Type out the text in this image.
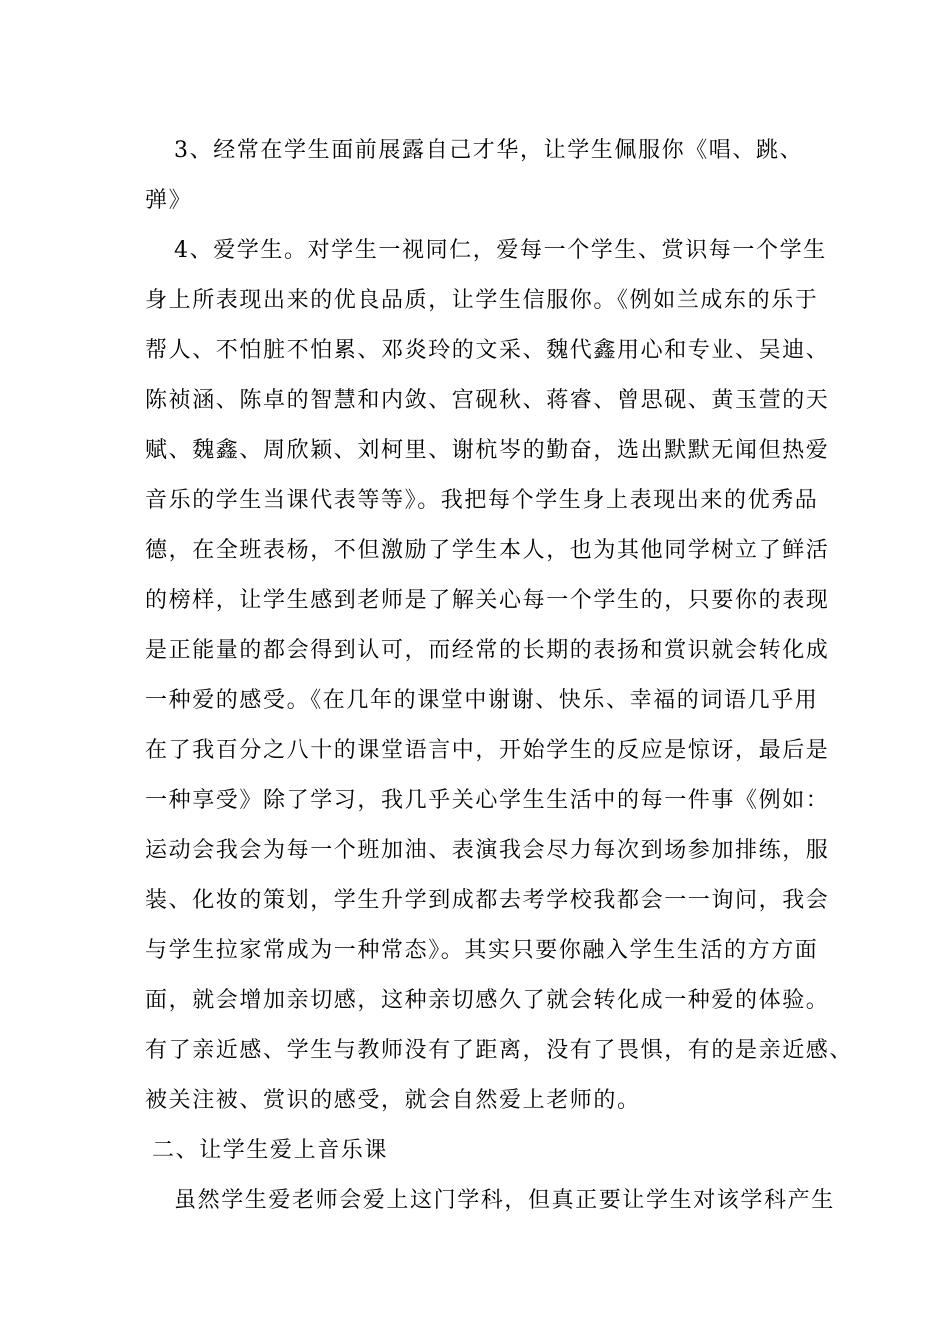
3、经常在学生面前展露自己才华，让学生佩服你《唱、跳、
弹》
4、爱学生。对学生一视同仁，爱每一个学生、赏识每一个学生
身上所表现出来的优良品质，让学生信服你。《例如兰成东的乐于
帮人、不怕脏不怕累、邓炎玲的文采、魏代鑫用心和专业、吴迪、
陈祯涵、陈卓的智慧和内敛、宫砚秋、蒋睿、曾思砚、黄玉萱的天
赋、魏鑫、周欣颖、刘柯里、谢杭岑的勤奋，选出默默无闻但热爱
音乐的学生当课代表等等》。我把每个学生身上表现出来的优秀品
德，在全班表杨，不但激励了学生本人，也为其他同学树立了鲜活
的榜样，让学生感到老师是了解关心每一个学生的，只要你的表现
是正能量的都会得到认可，而经常的长期的表扬和赏识就会转化成
一种爱的感受。《在几年的课堂中谢谢、快乐、幸福的词语几乎用
在了我百分之八十的课堂语言中，开始学生的反应是惊讶，最后是
一种享受》除了学习，我几乎关心学生生活中的每一件事《例如：
运动会我会为每一个班加油、表演我会尽力每次到场参加排练，服
装、化妆的策划，学生升学到成都去考学校我都会一一询问，我会
与学生拉家常成为一种常态》。其实只要你融入学生生活的方方面
面，就会增加亲切感，这种亲切感久了就会转化成一种爱的体验。
有了亲近感、学生与教师没有了距离，没有了畏惧，有的是亲近感、
被关注被、赏识的感受，就会自然爱上老师的。
二、让学生爱上音乐课
虽然学生爱老师会爱上这门学科，但真正要让学生对该学科产生
